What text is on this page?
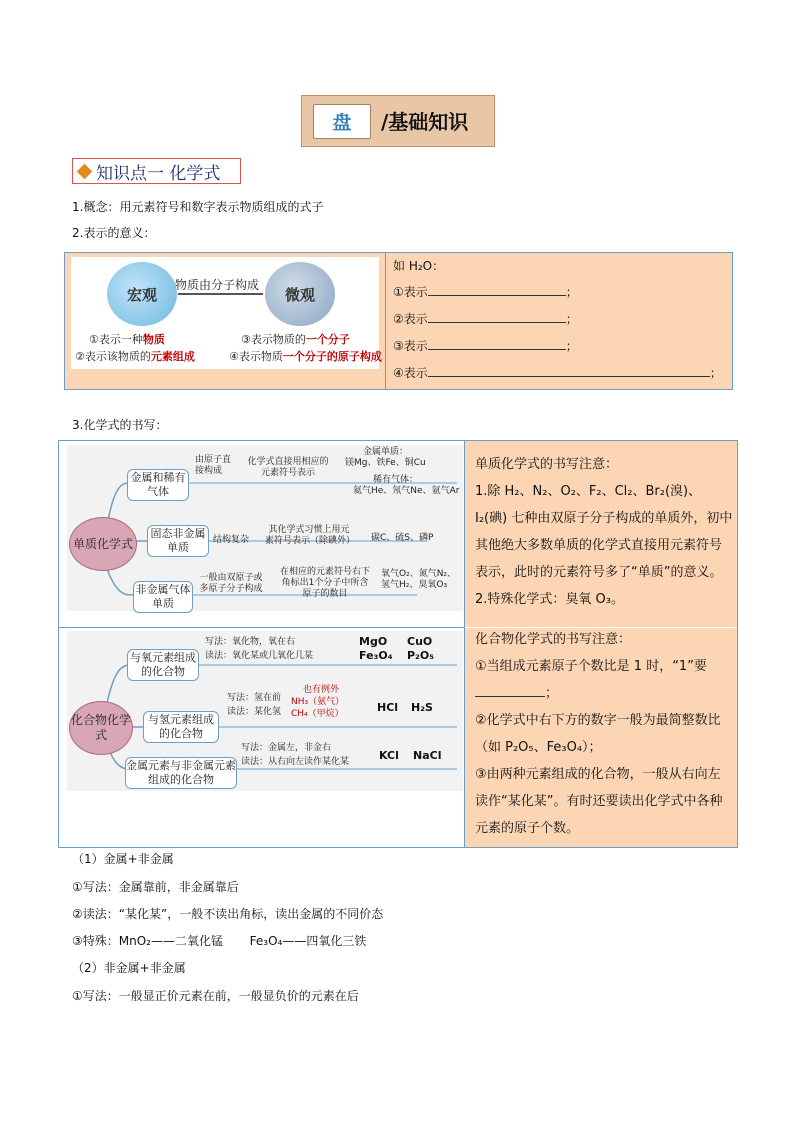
盘	/基础知识
知识点一 化学式
1.概念：用元素符号和数字表示物质组成的式子
2.表示的意义：
宏观	微观
物质由分子构成
①表示一种物质
②表示该物质的元素组成
③表示物质的一个分子
④表示物质一个分子的原子构成
如 H₂O：
①表示	；
②表示	；
③表示	；
④表示	；
3.化学式的书写：
单质化学式
金属和稀有气体
固态非金属单质
非金属气体单质
由原子直接构成
化学式直接用相应的元素符号表示
金属单质：
镁Mg、铁Fe、铜Cu
稀有气体：
氦气He、氖气Ne、氩气Ar
结构复杂
其化学式习惯上用元素符号表示（除碘外） 碳C、硫S、磷P
一般由双原子或多原子分子构成
在相应的元素符号右下角标出1个分子中所含原子的数目
氧气O₂、氮气N₂、氢气H₂、臭氧O₃
化合物化学式
与氧元素组成的化合物
与氢元素组成的化合物
金属元素与非金属元素组成的化合物
写法：氧化物，氧在右
读法：氧化某或几氧化几某
MgO CuO
Fe₃O₄ P₂O₅
写法：氢在前
读法：某化氢
也有例外
NH₃（氨气）
CH₄（甲烷）	HCl H₂S
写法：金属左，非金右
读法：从右向左读作某化某	KCl NaCl
单质化学式的书写注意：
1.除 H₂、N₂、O₂、F₂、Cl₂、Br₂(溴)、I₂(碘) 七种由双原子分子构成的单质外，初中其他绝大多数单质的化学式直接用元素符号表示，此时的元素符号多了“单质”的意义。
2.特殊化学式：臭氧 O₃。
化合物化学式的书写注意：
①当组成元素原子个数比是 1 时，“1”要
；
②化学式中右下方的数字一般为最简整数比（如 P₂O₅、Fe₃O₄）；
③由两种元素组成的化合物，一般从右向左读作“某化某”。有时还要读出化学式中各种元素的原子个数。
（1）金属+非金属
①写法：金属靠前，非金属靠后
②读法：“某化某”，一般不读出角标，读出金属的不同价态
③特殊：MnO₂——二氧化锰       Fe₃O₄——四氧化三铁
（2）非金属+非金属
①写法：一般显正价元素在前，一般显负价的元素在后
